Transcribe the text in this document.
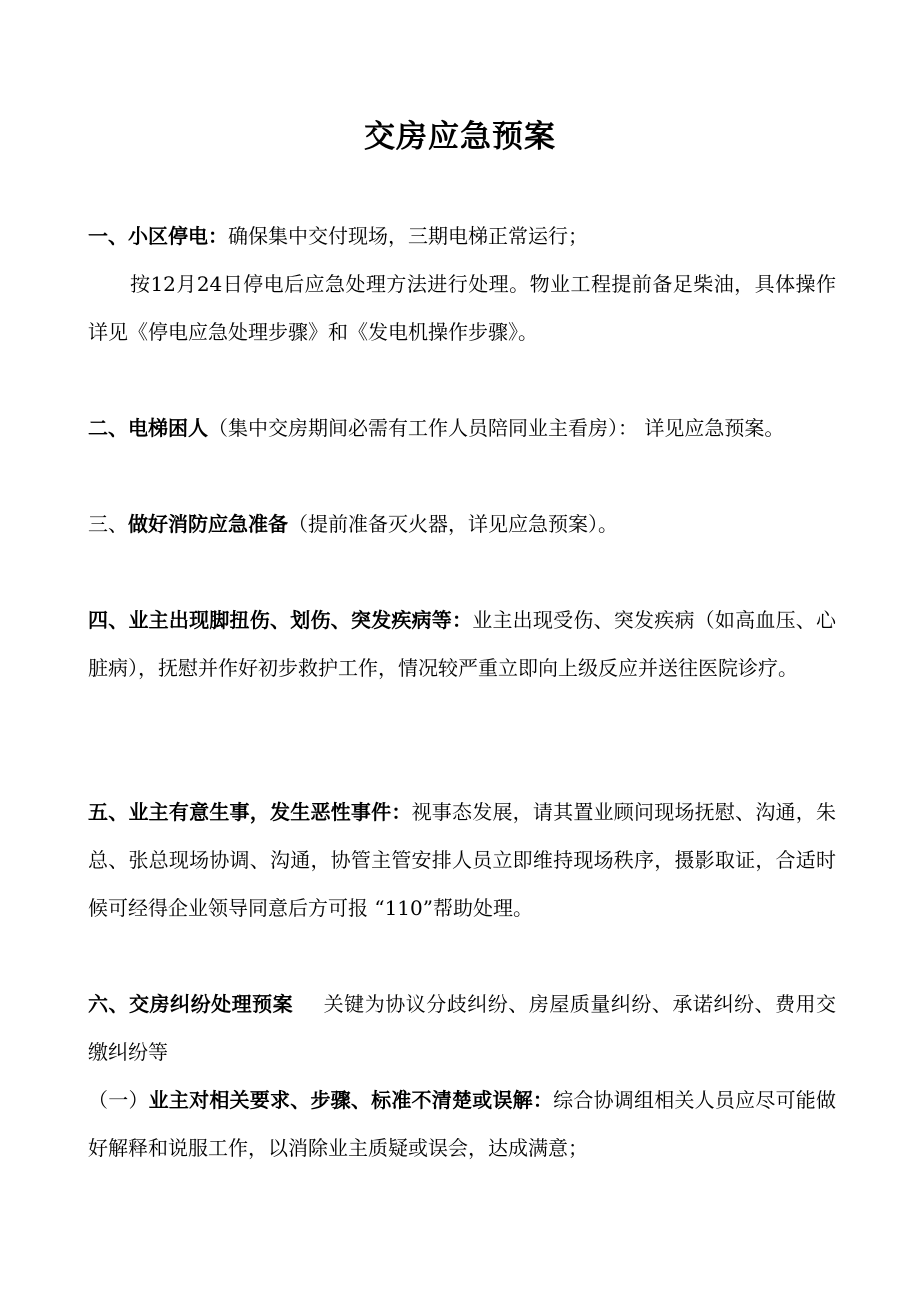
交房应急预案

一、小区停电：确保集中交付现场，三期电梯正常运行；

按12月24日停电后应急处理方法进行处理。物业工程提前备足柴油，具体操作详见《停电应急处理步骤》和《发电机操作步骤》。

二、电梯困人（集中交房期间必需有工作人员陪同业主看房）： 详见应急预案。

三、做好消防应急准备（提前准备灭火器，详见应急预案）。

四、业主出现脚扭伤、划伤、突发疾病等：业主出现受伤、突发疾病（如高血压、心脏病），抚慰并作好初步救护工作，情况较严重立即向上级反应并送往医院诊疗。

五、业主有意生事，发生恶性事件：视事态发展，请其置业顾问现场抚慰、沟通，朱总、张总现场协调、沟通，协管主管安排人员立即维持现场秩序，摄影取证，合适时候可经得企业领导同意后方可报 “110”帮助处理。

六、交房纠纷处理预案 关键为协议分歧纠纷、房屋质量纠纷、承诺纠纷、费用交缴纠纷等

（一）业主对相关要求、步骤、标准不清楚或误解：综合协调组相关人员应尽可能做好解释和说服工作，以消除业主质疑或误会，达成满意；
